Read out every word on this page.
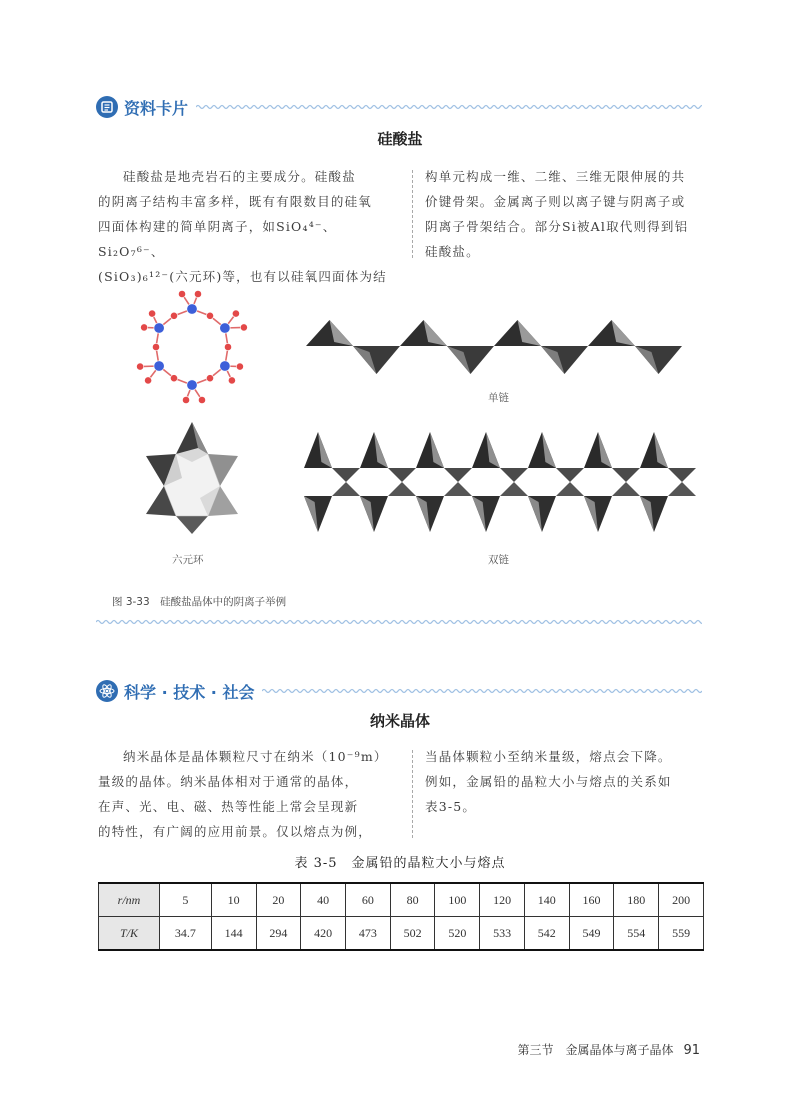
资料卡片
硅酸盐
硅酸盐是地壳岩石的主要成分。硅酸盐
的阴离子结构丰富多样，既有有限数目的硅氧
四面体构建的简单阴离子，如SiO₄⁴⁻、Si₂O₇⁶⁻、
(SiO₃)₆¹²⁻(六元环)等，也有以硅氧四面体为结
构单元构成一维、二维、三维无限伸展的共
价键骨架。金属离子则以离子键与阴离子或
阴离子骨架结合。部分Si被Al取代则得到铝
硅酸盐。
单链
六元环	双链
图 3-33　硅酸盐晶体中的阴离子举例
科学 · 技术 · 社会
纳米晶体
纳米晶体是晶体颗粒尺寸在纳米（10⁻⁹m）
量级的晶体。纳米晶体相对于通常的晶体，
在声、光、电、磁、热等性能上常会呈现新
的特性，有广阔的应用前景。仅以熔点为例，
当晶体颗粒小至纳米量级，熔点会下降。
例如，金属铅的晶粒大小与熔点的关系如
表3-5。
表 3-5　金属铅的晶粒大小与熔点
r/nm	5	10	20	40	60	80	100	120	140	160	180	200
T/K	34.7	144	294	420	473	502	520	533	542	549	554	559
第三节　金属晶体与离子晶体 91
